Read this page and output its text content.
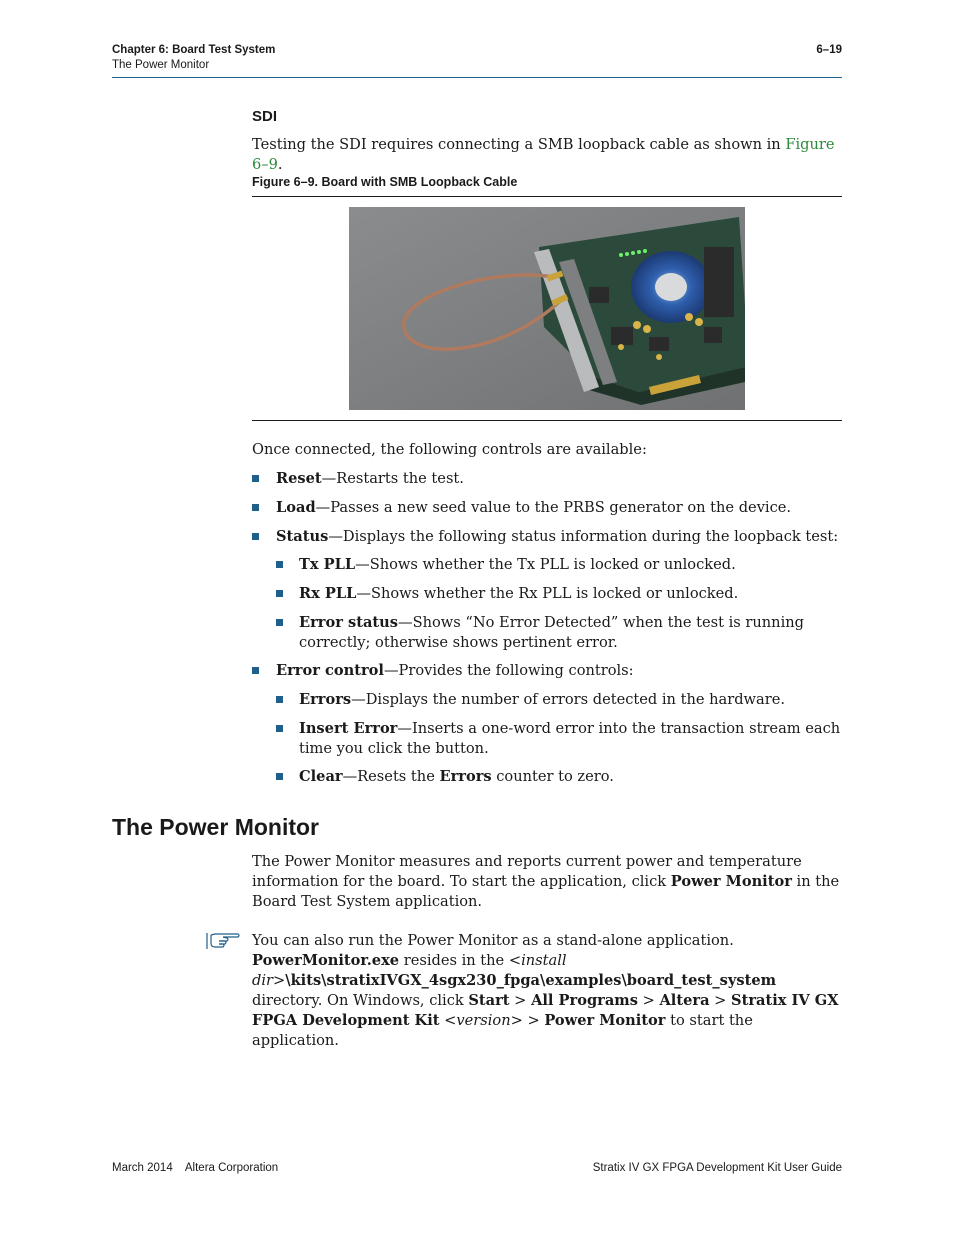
Chapter 6: Board Test System
The Power Monitor
6–19
SDI
Testing the SDI requires connecting a SMB loopback cable as shown in Figure 6–9.
Figure 6–9. Board with SMB Loopback Cable
Once connected, the following controls are available:
Reset—Restarts the test.
Load—Passes a new seed value to the PRBS generator on the device.
Status—Displays the following status information during the loopback test:
Tx PLL—Shows whether the Tx PLL is locked or unlocked.
Rx PLL—Shows whether the Rx PLL is locked or unlocked.
Error status—Shows “No Error Detected” when the test is running correctly; otherwise shows pertinent error.
Error control—Provides the following controls:
Errors—Displays the number of errors detected in the hardware.
Insert Error—Inserts a one-word error into the transaction stream each time you click the button.
Clear—Resets the Errors counter to zero.
The Power Monitor
The Power Monitor measures and reports current power and temperature information for the board. To start the application, click Power Monitor in the Board Test System application.
You can also run the Power Monitor as a stand-alone application. PowerMonitor.exe resides in the <install dir>\kits\stratixIVGX_4sgx230_fpga\examples\board_test_system directory. On Windows, click Start > All Programs > Altera > Stratix IV GX FPGA Development Kit <version> > Power Monitor to start the application.
March 2014    Altera Corporation	Stratix IV GX FPGA Development Kit User Guide
